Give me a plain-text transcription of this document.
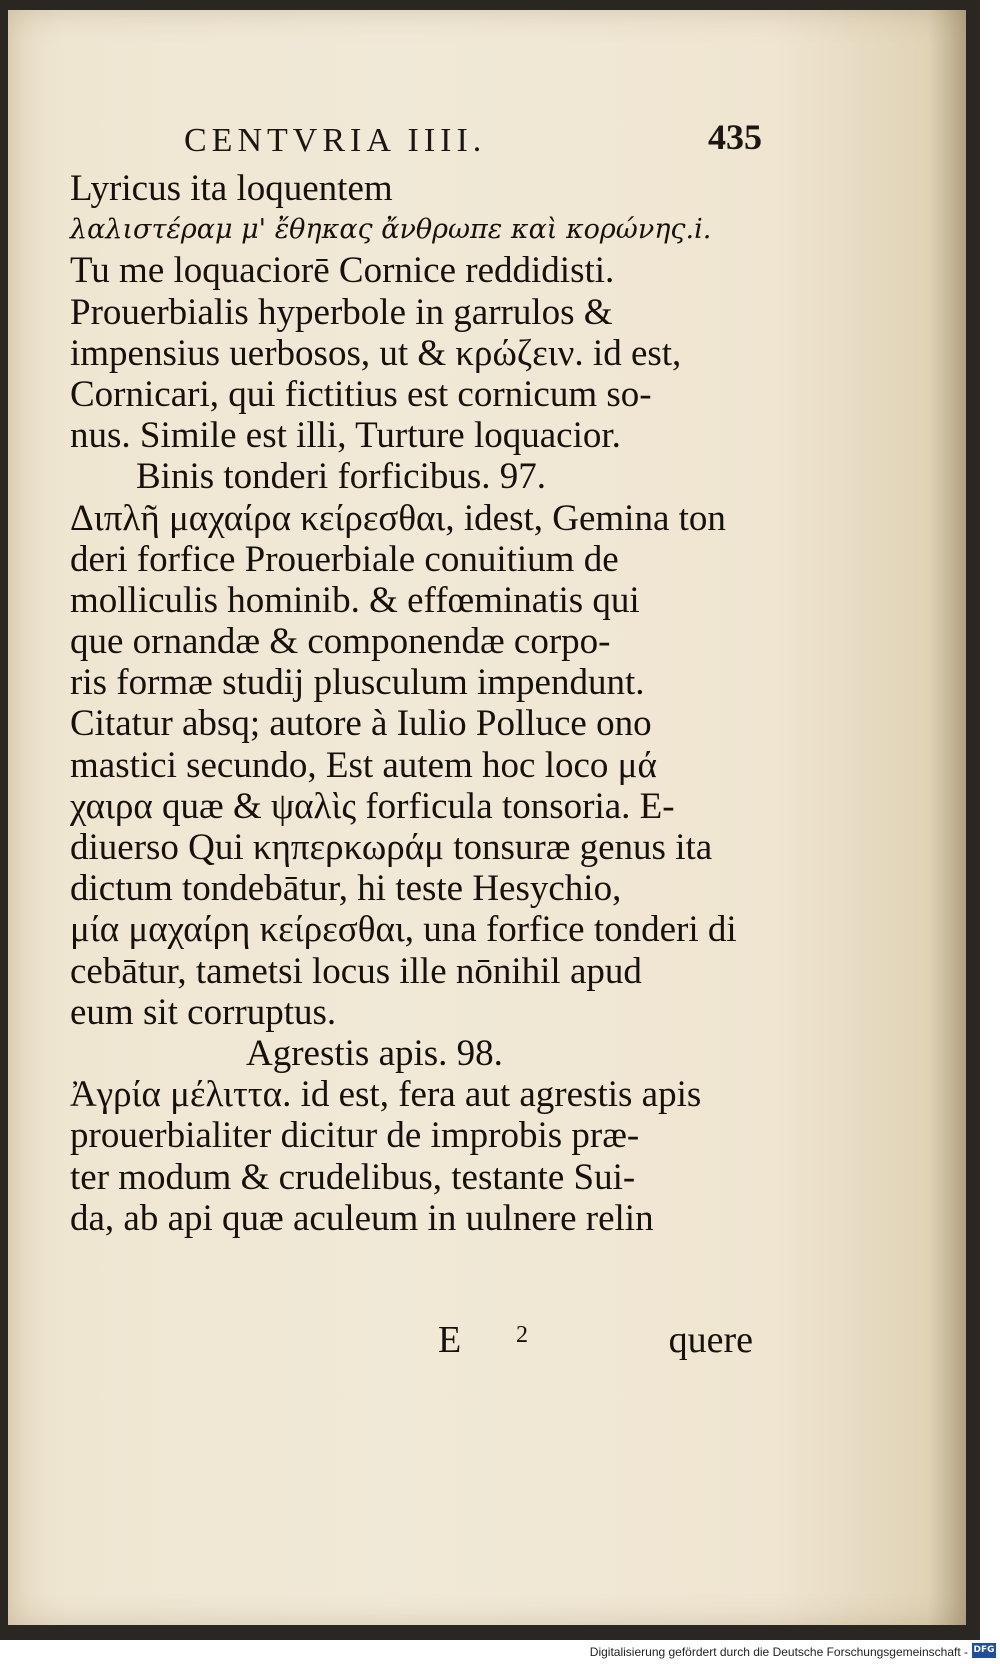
CENTVRIA IIII.	435
Lyricus ita loquentem
λαλιστέραμ μ' ἔθηκας ἄνθρωπε καὶ κορώνης.i.
Tu me loquaciorē Cornice reddidisti.
Prouerbialis hyperbole in garrulos &
impensius uerbosos, ut & κρώζειν. id est,
Cornicari, qui fictitius est cornicum so-
nus. Simile est illi, Turture loquacior.
Binis tonderi forficibus. 97.
Διπλῆ μαχαίρα κείρεσθαι, idest, Gemina ton
deri forfice Prouerbiale conuitium de
molliculis hominib. & effœminatis qui
que ornandæ & componendæ corpo-
ris formæ studij plusculum impendunt.
Citatur absq; autore à Iulio Polluce ono
mastici secundo, Est autem hoc loco μά
χαιρα quæ & ψαλὶς forficula tonsoria. E-
diuerso Qui κηπερκωράμ tonsuræ genus ita
dictum tondebātur, hi teste Hesychio,
μία μαχαίρη κείρεσθαι, una forfice tonderi di
cebātur, tametsi locus ille nōnihil apud
eum sit corruptus.
Agrestis apis. 98.
Ἀγρία μέλιττα. id est, fera aut agrestis apis
prouerbialiter dicitur de improbis præ-
ter modum & crudelibus, testante Sui-
da, ab api quæ aculeum in uulnere relin
E 2	quere
Digitalisierung gefördert durch die Deutsche Forschungsgemeinschaft - DFG
